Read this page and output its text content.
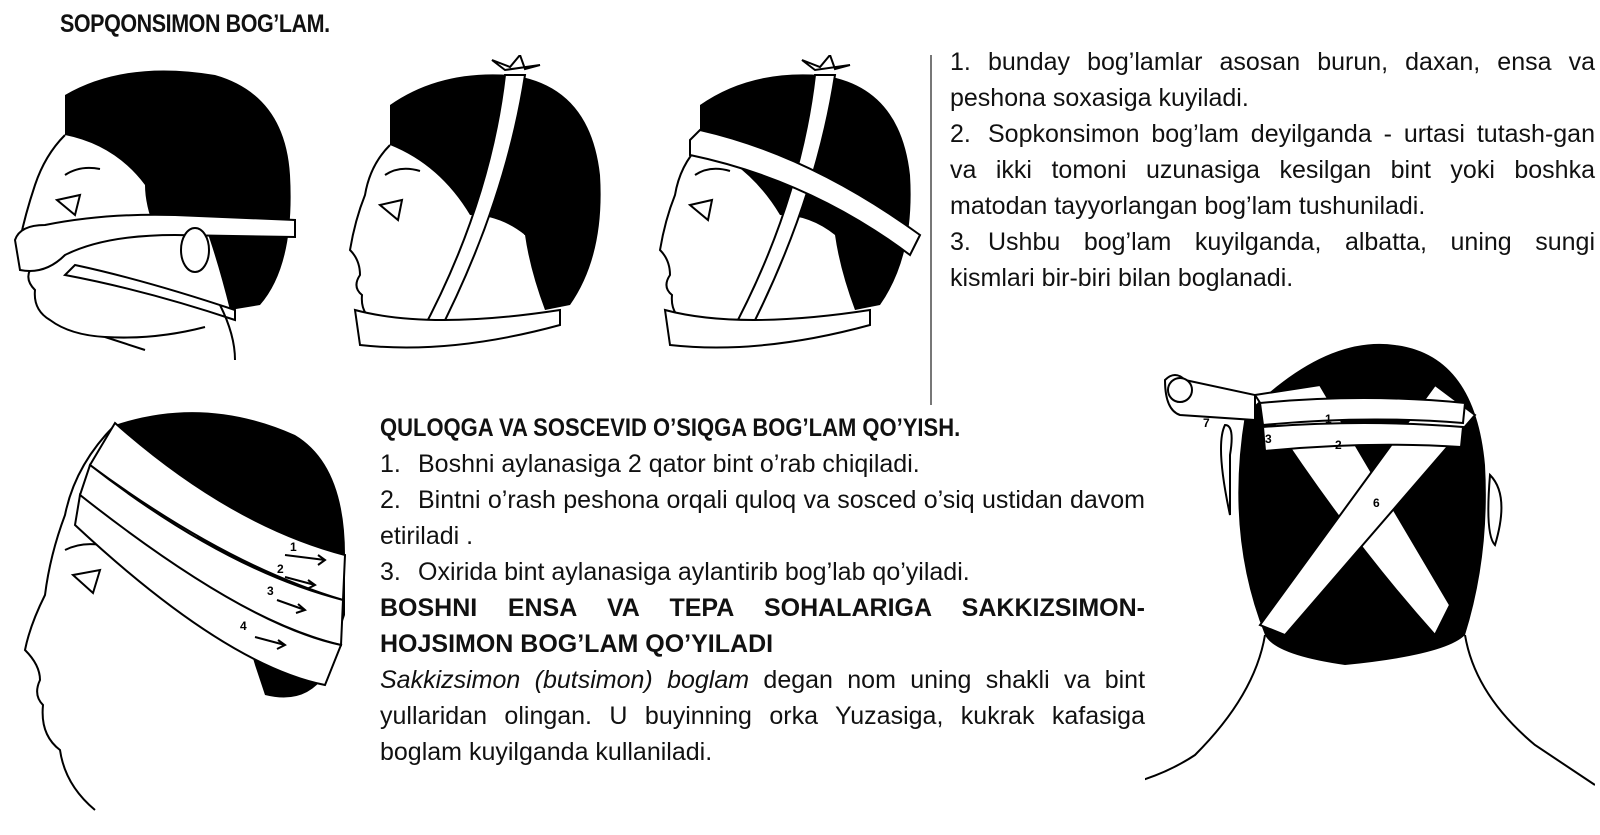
SOPQONSIMON BOG’LAM.
1
2
3
4
7	1
2
3
4
5
6

1. bunday bog’lamlar asosan burun, daxan, ensa va peshona soxasiga kuyiladi.

2. Sopkonsimon bog’lam deyilganda - urtasi tutash-gan va ikki tomoni uzunasiga kesilgan bint yoki boshka matodan tayyorlangan bog’lam tushuniladi.

3. Ushbu bog’lam kuyilganda, albatta, uning sungi kismlari bir-biri bilan boglanadi.

QULOQGA VA SOSCEVID O’SIQGA BOG’LAM QO’YISH.

1. Boshni aylanasiga 2 qator bint o’rab chiqiladi.

2. Bintni o’rash peshona orqali quloq va sosced o’siq ustidan davom etiriladi .

3. Oxirida bint aylanasiga aylantirib bog’lab qo’yiladi.

BOSHNI ENSA VA TEPA SOHALARIGA SAKKIZSIMON-HOJSIMON BOG’LAM QO’YILADI

Sakkizsimon (butsimon) boglam degan nom uning shakli va bint yullaridan olingan. U buyinning orka Yuzasiga, kukrak kafasiga boglam kuyilganda kullaniladi.
